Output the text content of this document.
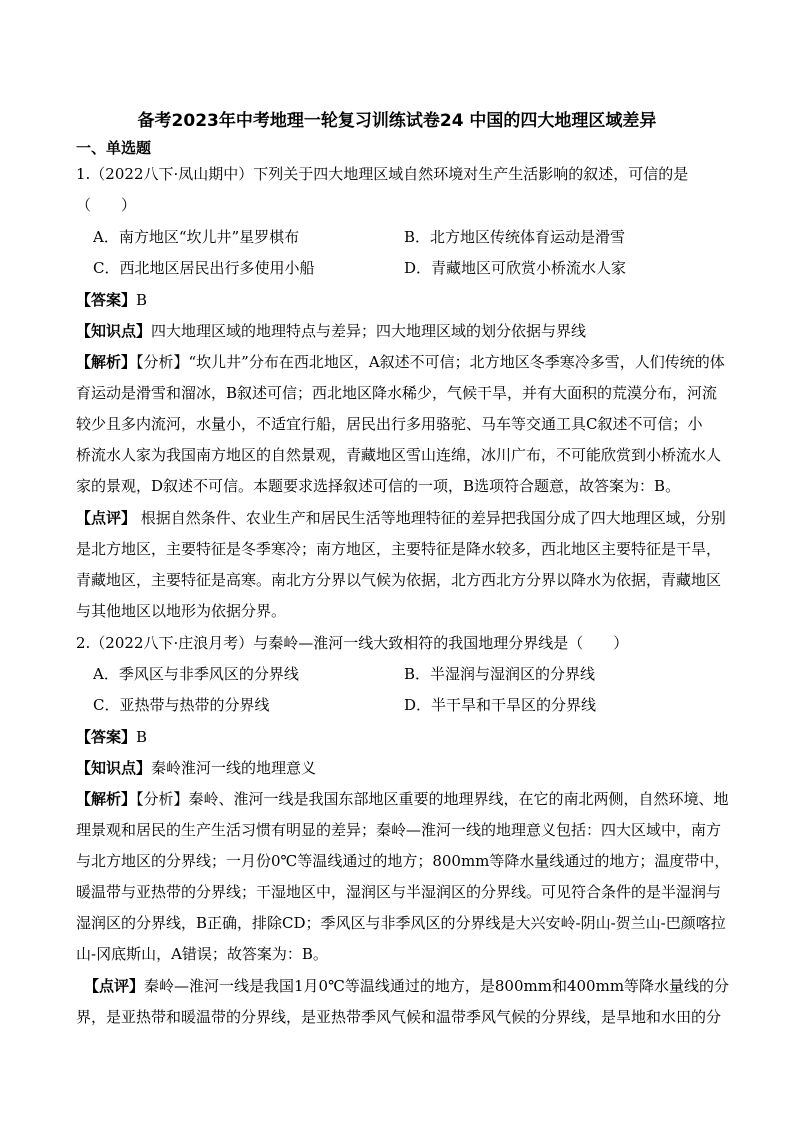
备考2023年中考地理一轮复习训练试卷24 中国的四大地理区域差异
一、单选题
1.（2022八下·凤山期中）下列关于四大地理区域自然环境对生产生活影响的叙述，可信的是
（　　）
A．南方地区“坎儿井”星罗棋布	B．北方地区传统体育运动是滑雪
C．西北地区居民出行多使用小船	D．青藏地区可欣赏小桥流水人家
【答案】B
【知识点】四大地理区域的地理特点与差异；四大地理区域的划分依据与界线
【解析】【分析】“坎儿井”分布在西北地区，A叙述不可信；北方地区冬季寒冷多雪，人们传统的体
育运动是滑雪和溜冰，B叙述可信；西北地区降水稀少，气候干旱，并有大面积的荒漠分布，河流
较少且多内流河，水量小，不适宜行船，居民出行多用骆驼、马车等交通工具C叙述不可信；小
桥流水人家为我国南方地区的自然景观，青藏地区雪山连绵，冰川广布，不可能欣赏到小桥流水人
家的景观，D叙述不可信。本题要求选择叙述可信的一项，B选项符合题意，故答案为：B。
【点评】 根据自然条件、农业生产和居民生活等地理特征的差异把我国分成了四大地理区域，分别
是北方地区，主要特征是冬季寒冷；南方地区，主要特征是降水较多，西北地区主要特征是干旱，
青藏地区，主要特征是高寒。南北方分界以气候为依据，北方西北方分界以降水为依据，青藏地区
与其他地区以地形为依据分界。
2.（2022八下·庄浪月考）与秦岭—淮河一线大致相符的我国地理分界线是（　　）
A．季风区与非季风区的分界线	B．半湿润与湿润区的分界线
C．亚热带与热带的分界线	D．半干旱和干旱区的分界线
【答案】B
【知识点】秦岭淮河一线的地理意义
【解析】【分析】秦岭、淮河一线是我国东部地区重要的地理界线，在它的南北两侧，自然环境、地
理景观和居民的生产生活习惯有明显的差异；秦岭—淮河一线的地理意义包括：四大区域中，南方
与北方地区的分界线；一月份0℃等温线通过的地方；800mm等降水量线通过的地方；温度带中，
暖温带与亚热带的分界线；干湿地区中，湿润区与半湿润区的分界线。可见符合条件的是半湿润与
湿润区的分界线，B正确，排除CD；季风区与非季风区的分界线是大兴安岭-阴山-贺兰山-巴颜喀拉
山-冈底斯山，A错误；故答案为：B。
【点评】秦岭—淮河一线是我国1月0℃等温线通过的地方，是800mm和400mm等降水量线的分
界，是亚热带和暖温带的分界线，是亚热带季风气候和温带季风气候的分界线，是旱地和水田的分
